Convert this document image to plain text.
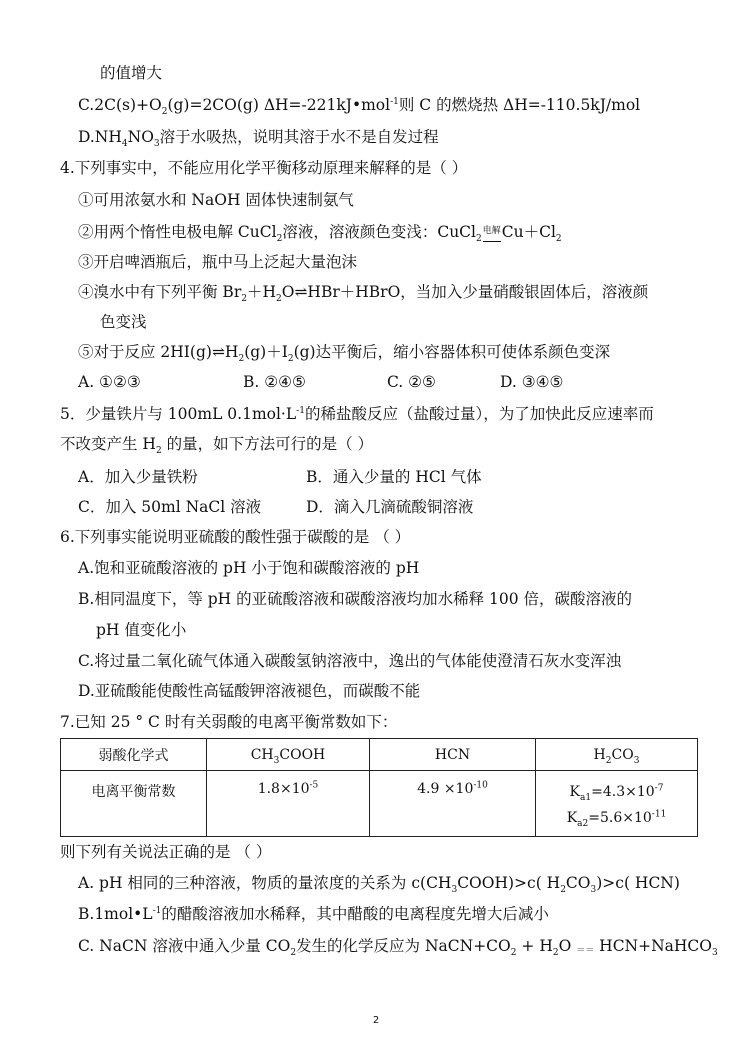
的值增大
$C.2C(s)+O_2(g)=2CO(g)$ ΔH=-221kJ•mol$^{-1}$则 C 的燃烧热 ΔH=-110.5kJ/mol
$D.NH_4NO_3$溶于水吸热，说明其溶于水不是自发过程
4.下列事实中，不能应用化学平衡移动原理来解释的是（ ）
①可用浓氨水和 NaOH 固体快速制氨气
②用两个惰性电极电解 CuCl$_2$溶液，溶液颜色变浅：CuCl$_2$电解$Cu+Cl_2$
③开启啤酒瓶后，瓶中马上泛起大量泡沫
④溴水中有下列平衡 $Br_2+H_2O\rightleftharpoons HBr+HBrO$，当加入少量硝酸银固体后，溶液颜
色变浅
⑤对于反应 $2HI(g)\rightleftharpoons H_2(g)+I_2(g)$达平衡后，缩小容器体积可使体系颜色变深
A. ①②③	B. ②④⑤	C. ②⑤	D. ③④⑤
5．少量铁片与 100mL $0.1mol\cdot L^{-1}$的稀盐酸反应（盐酸过量），为了加快此反应速率而
不改变产生 $H_2$ 的量，如下方法可行的是（ ）
A．加入少量铁粉	B．通入少量的 HCl 气体
C．加入 50ml NaCl 溶液	D．滴入几滴硫酸铜溶液
6.下列事实能说明亚硫酸的酸性强于碳酸的是 （ ）
A.饱和亚硫酸溶液的 pH 小于饱和碳酸溶液的 pH
B.相同温度下，等 pH 的亚硫酸溶液和碳酸溶液均加水稀释 100 倍，碳酸溶液的
pH 值变化小
C.将过量二氧化硫气体通入碳酸氢钠溶液中，逸出的气体能使澄清石灰水变浑浊
D.亚硫酸能使酸性高锰酸钾溶液褪色，而碳酸不能
7.已知 25 ° C 时有关弱酸的电离平衡常数如下：
弱酸化学式	$CH_3COOH$	HCN	$H_2CO_3$
电离平衡常数	$1.8\times 10^{-5}$	$4.9 \times 10^{-10}$	$K_{a1}=4.3\times 10^{-7}$
$K_{a2}=5.6\times 10^{-11}$
则下列有关说法正确的是 （ ）
A. pH 相同的三种溶液，物质的量浓度的关系为 $c(CH_3COOH)>c$( $H_2CO_3)>c$( HCN)
$B.1mol•L^{-1}$的醋酸溶液加水稀释，其中醋酸的电离程度先增大后减小
C. NaCN 溶液中通入少量 $CO_2$发生的化学反应为 $NaCN+CO_2 + H_2O$ ＝＝ HCN+NaHCO$_3$
2
